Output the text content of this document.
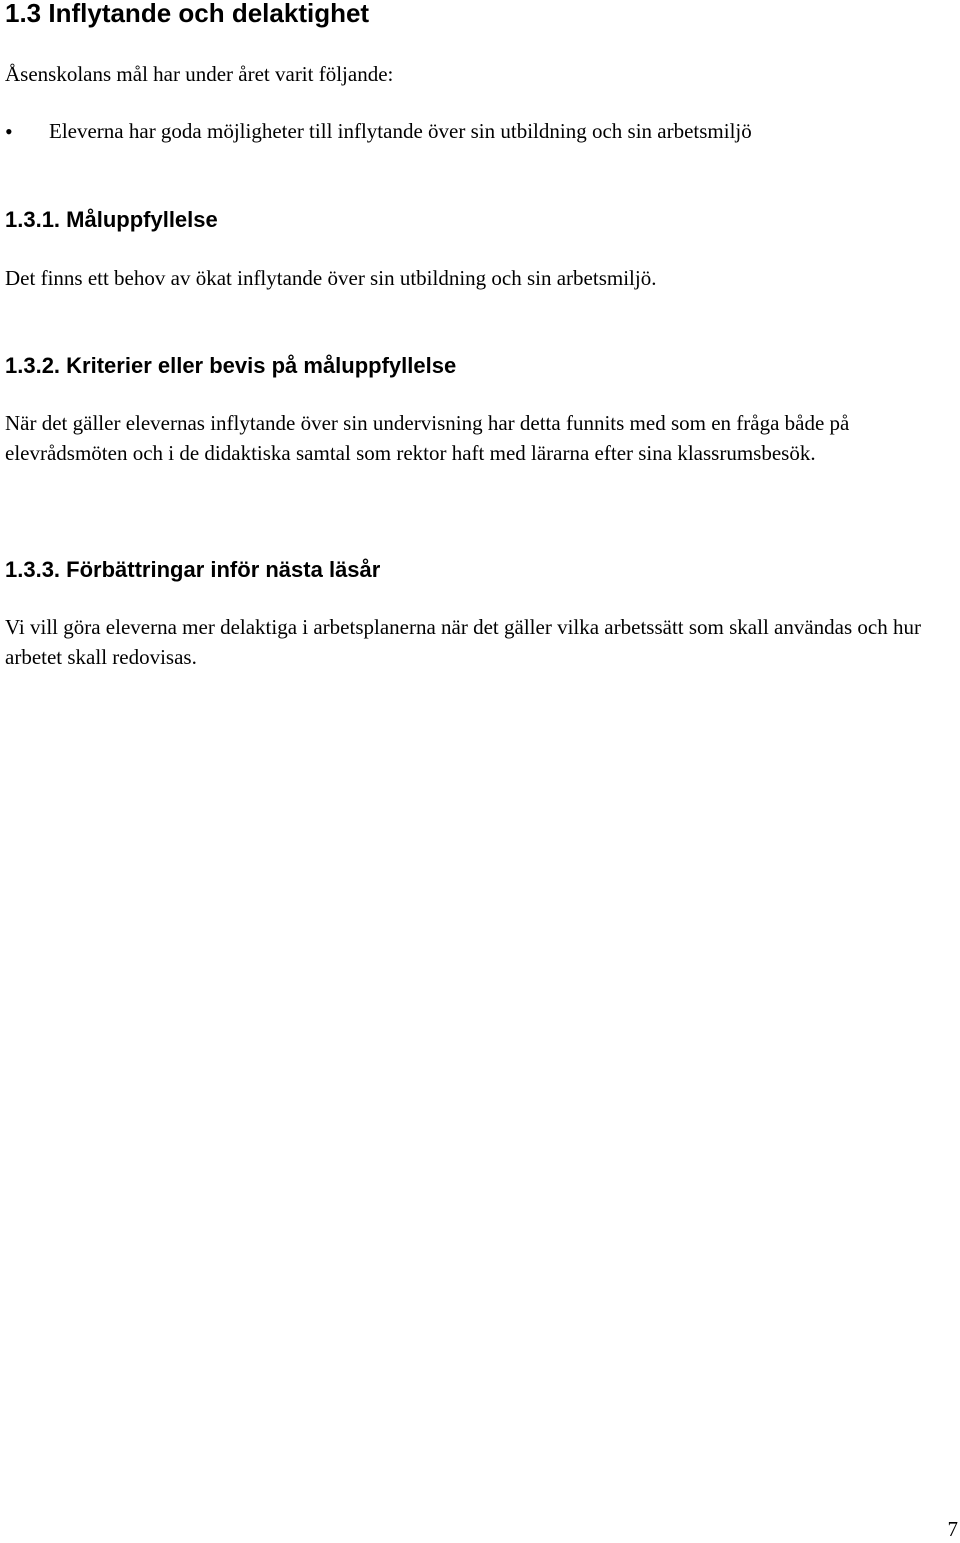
1.3 Inflytande och delaktighet

Åsenskolans mål har under året varit följande:

• Eleverna har goda möjligheter till inflytande över sin utbildning och sin arbetsmiljö
1.3.1. Måluppfyllelse

Det finns ett behov av ökat inflytande över sin utbildning och sin arbetsmiljö.

1.3.2. Kriterier eller bevis på måluppfyllelse

När det gäller elevernas inflytande över sin undervisning har detta funnits med som en fråga både på elevrådsmöten och i de didaktiska samtal som rektor haft med lärarna efter sina klassrumsbesök.

1.3.3. Förbättringar inför nästa läsår

Vi vill göra eleverna mer delaktiga i arbetsplanerna när det gäller vilka arbetssätt som skall användas och hur arbetet skall redovisas.

7
